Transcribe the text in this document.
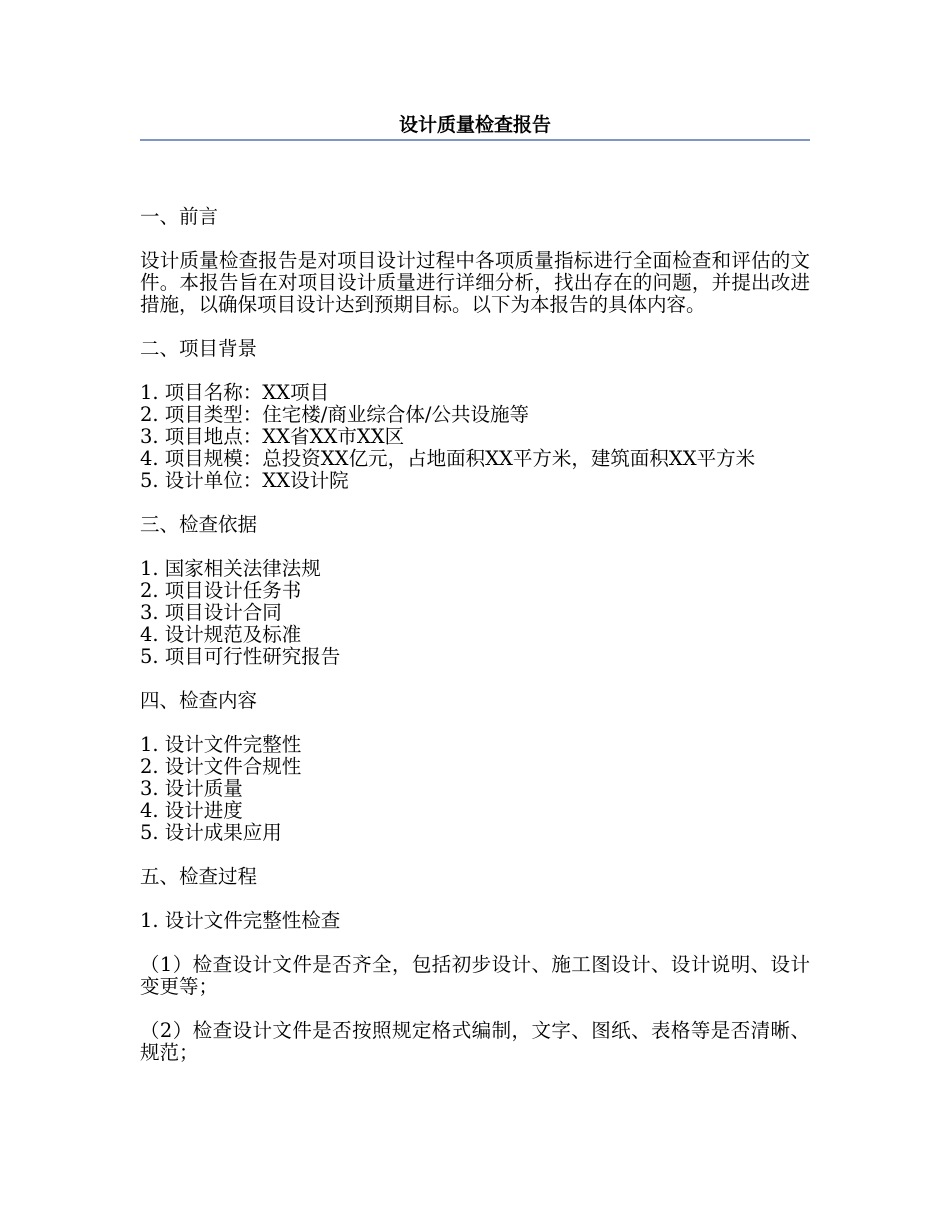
设计质量检查报告
一、前言

设计质量检查报告是对项目设计过程中各项质量指标进行全面检查和评估的文件。本报告旨在对项目设计质量进行详细分析，找出存在的问题，并提出改进措施，以确保项目设计达到预期目标。以下为本报告的具体内容。

二、项目背景
1. 项目名称：XX项目
2. 项目类型：住宅楼/商业综合体/公共设施等
3. 项目地点：XX省XX市XX区
4. 项目规模：总投资XX亿元，占地面积XX平方米，建筑面积XX平方米
5. 设计单位：XX设计院
三、检查依据
1. 国家相关法律法规
2. 项目设计任务书
3. 项目设计合同
4. 设计规范及标准
5. 项目可行性研究报告
四、检查内容
1. 设计文件完整性
2. 设计文件合规性
3. 设计质量
4. 设计进度
5. 设计成果应用
五、检查过程
1. 设计文件完整性检查

（1）检查设计文件是否齐全，包括初步设计、施工图设计、设计说明、设计变更等；

（2）检查设计文件是否按照规定格式编制，文字、图纸、表格等是否清晰、规范；
